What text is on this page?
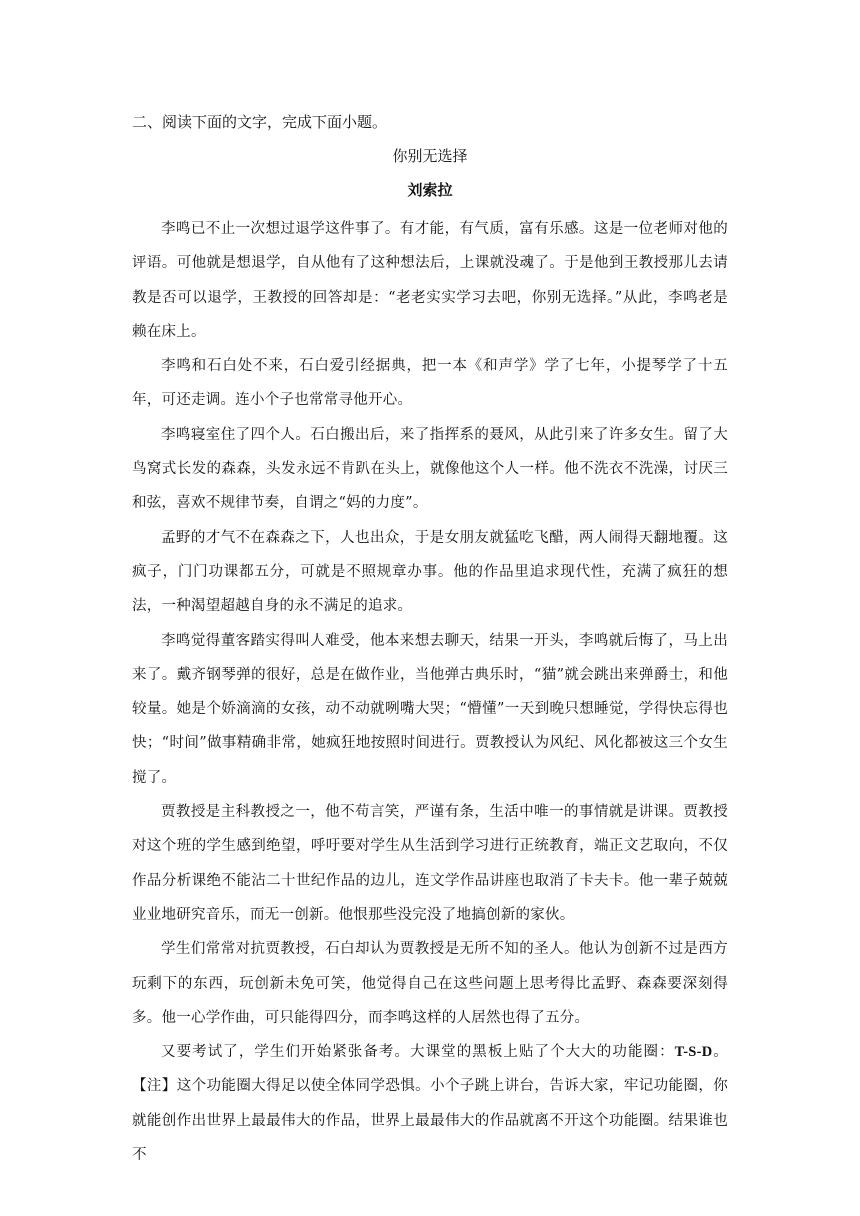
二、阅读下面的文字，完成下面小题。

你别无选择

刘索拉

李鸣已不止一次想过退学这件事了。有才能，有气质，富有乐感。这是一位老师对他的评语。可他就是想退学，自从他有了这种想法后，上课就没魂了。于是他到王教授那儿去请教是否可以退学，王教授的回答却是：“老老实实学习去吧，你别无选择。”从此，李鸣老是赖在床上。

李鸣和石白处不来，石白爱引经据典，把一本《和声学》学了七年，小提琴学了十五年，可还走调。连小个子也常常寻他开心。

李鸣寝室住了四个人。石白搬出后，来了指挥系的聂风，从此引来了许多女生。留了大鸟窝式长发的森森，头发永远不肯趴在头上，就像他这个人一样。他不洗衣不洗澡，讨厌三和弦，喜欢不规律节奏，自谓之“妈的力度”。

孟野的才气不在森森之下，人也出众，于是女朋友就猛吃飞醋，两人闹得天翻地覆。这疯子，门门功课都五分，可就是不照规章办事。他的作品里追求现代性，充满了疯狂的想法，一种渴望超越自身的永不满足的追求。

李鸣觉得董客踏实得叫人难受，他本来想去聊天，结果一开头，李鸣就后悔了，马上出来了。戴齐钢琴弹的很好，总是在做作业，当他弹古典乐时，“猫”就会跳出来弹爵士，和他较量。她是个娇滴滴的女孩，动不动就咧嘴大哭；“懵懂”一天到晚只想睡觉，学得快忘得也快；“时间”做事精确非常，她疯狂地按照时间进行。贾教授认为风纪、风化都被这三个女生搅了。

贾教授是主科教授之一，他不苟言笑，严谨有条，生活中唯一的事情就是讲课。贾教授对这个班的学生感到绝望，呼吁要对学生从生活到学习进行正统教育，端正文艺取向，不仅作品分析课绝不能沾二十世纪作品的边儿，连文学作品讲座也取消了卡夫卡。他一辈子兢兢业业地研究音乐，而无一创新。他恨那些没完没了地搞创新的家伙。

学生们常常对抗贾教授，石白却认为贾教授是无所不知的圣人。他认为创新不过是西方玩剩下的东西，玩创新未免可笑，他觉得自己在这些问题上思考得比孟野、森森要深刻得多。他一心学作曲，可只能得四分，而李鸣这样的人居然也得了五分。

又要考试了，学生们开始紧张备考。大课堂的黑板上贴了个大大的功能圈：T-S-D。【注】这个功能圈大得足以使全体同学恐惧。小个子跳上讲台，告诉大家，牢记功能圈，你就能创作出世界上最最伟大的作品，世界上最最伟大的作品就离不开这个功能圈。结果谁也不
